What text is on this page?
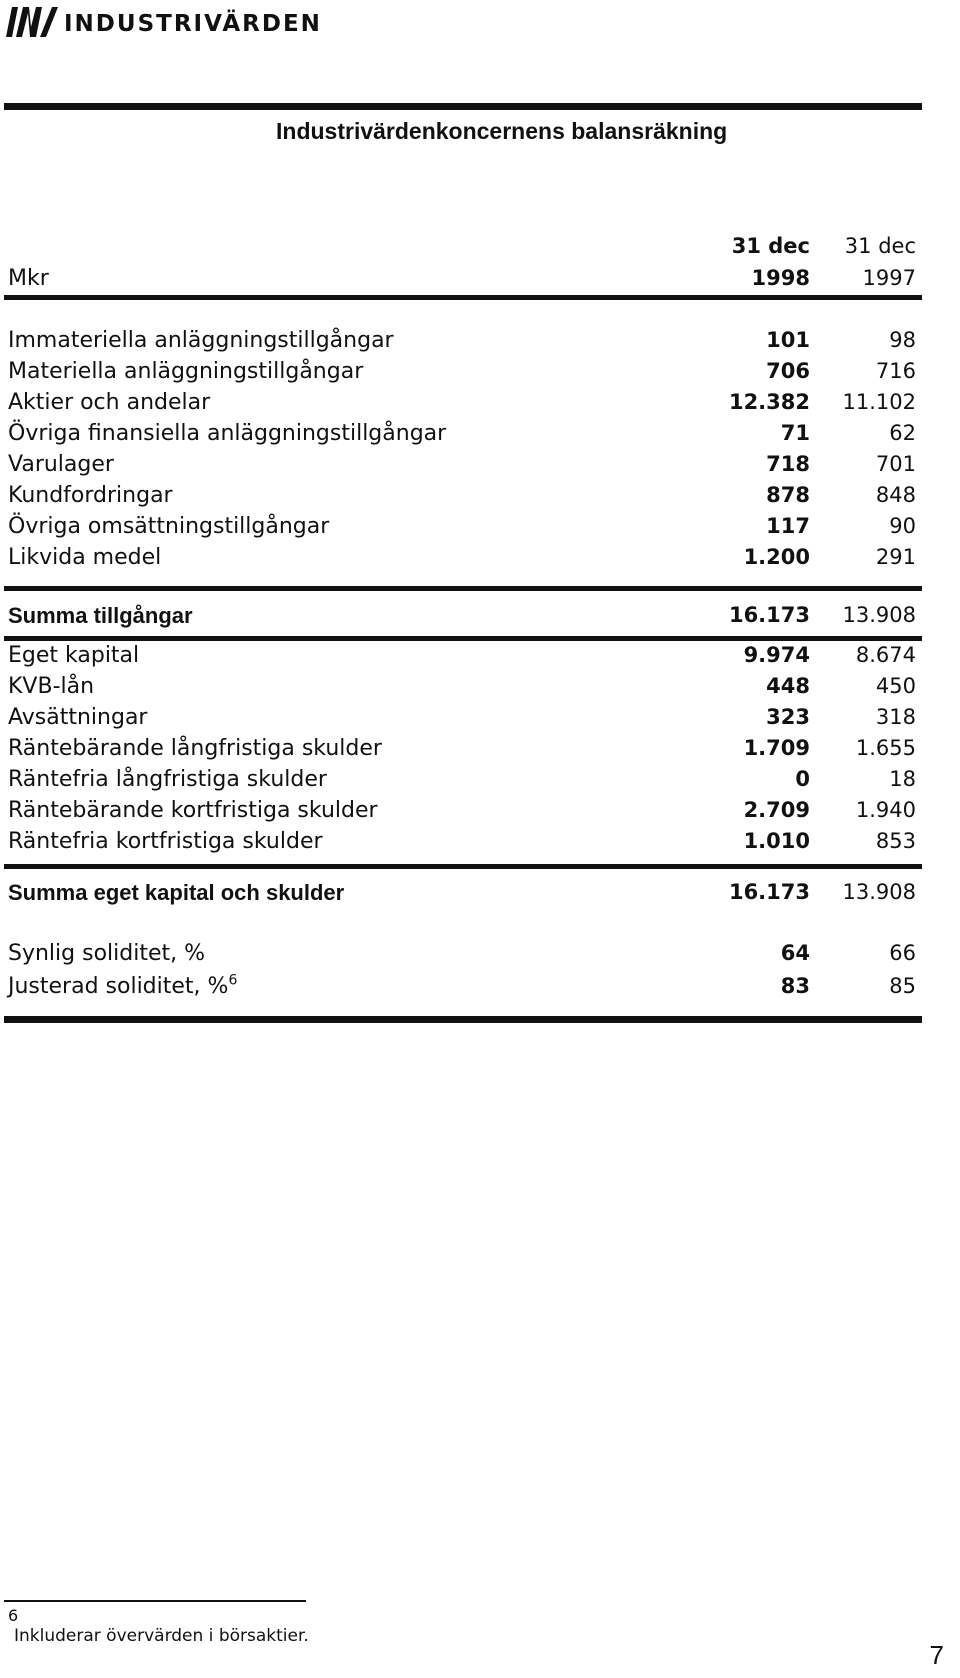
INDUSTRIVÄRDEN
Industrivärdenkoncernens balansräkning
31 dec 31 dec
Mkr	1998	1997
Immateriella anläggningstillgångar	101	98
Materiella anläggningstillgångar	706	716
Aktier och andelar	12.382 11.102
Övriga finansiella anläggningstillgångar	71	62
Varulager	718	701
Kundfordringar	878	848
Övriga omsättningstillgångar	117	90
Likvida medel	1.200	291
Summa tillgångar	16.173 13.908
Eget kapital	9.974 8.674
KVB-lån	448	450
Avsättningar	323	318
Räntebärande långfristiga skulder	1.709 1.655
Räntefria långfristiga skulder	0	18
Räntebärande kortfristiga skulder	2.709 1.940
Räntefria kortfristiga skulder	1.010	853
Summa eget kapital och skulder	16.173 13.908
Synlig soliditet, %	64	66
Justerad soliditet, %$^6$	83	85
6
Inkluderar övervärden i börsaktier.
7
